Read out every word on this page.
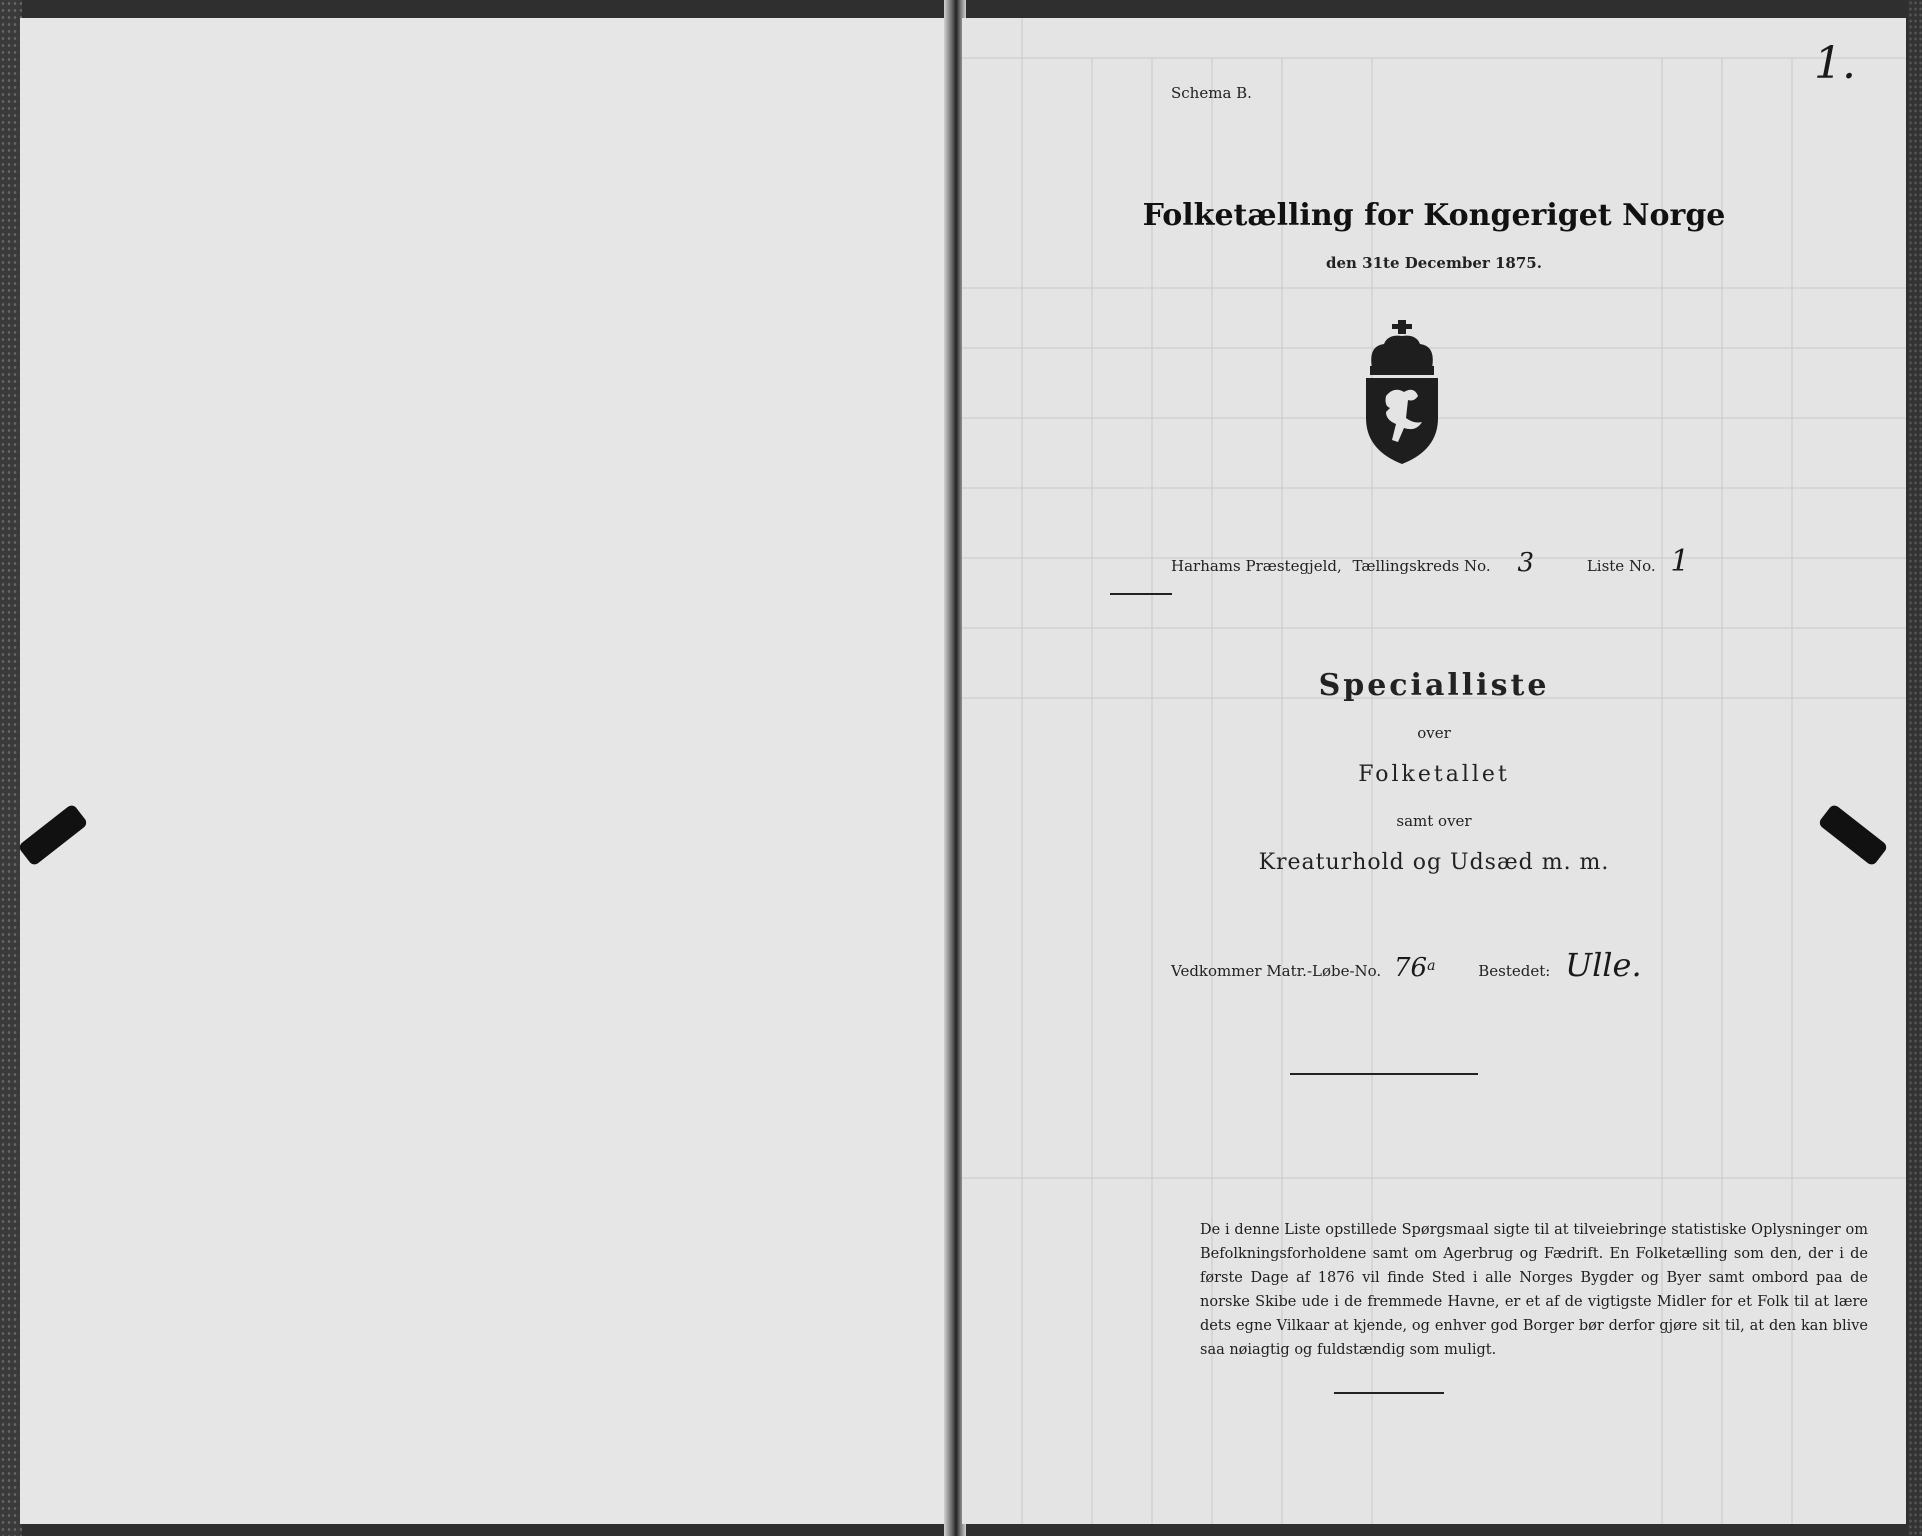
​
Schema B.
1.
Folketælling for Kongeriget Norge
den 31te December 1875.
Harhams Præstegjeld, Tællingskreds No. 3	Liste No. 1
Specialliste
over
Folketallet
samt over
Kreaturhold og Udsæd m. m.
Vedkommer Matr.-Løbe-No. 76$^a$	Bestedet: Ulle.
De i denne Liste opstillede Spørgsmaal sigte til at tilveiebringe statistiske Oplysninger om Befolkningsforholdene samt om Agerbrug og Fædrift. En Folketælling som den, der i de første Dage af 1876 vil finde Sted i alle Norges Bygder og Byer samt ombord paa de norske Skibe ude i de fremmede Havne, er et af de vigtigste Midler for et Folk til at lære dets egne Vilkaar at kjende, og enhver god Borger bør derfor gjøre sit til, at den kan blive saa nøiagtig og fuldstændig som muligt.
